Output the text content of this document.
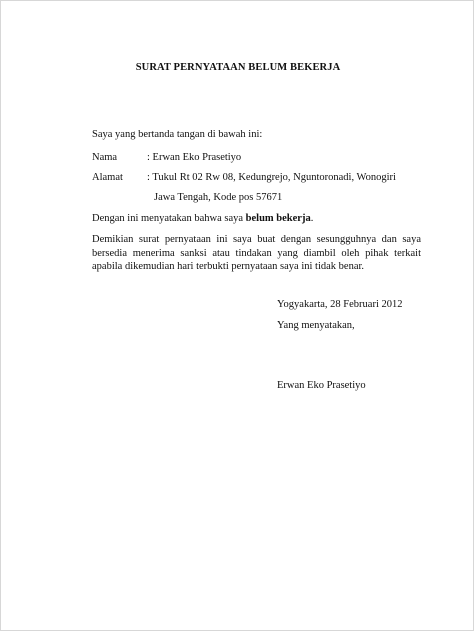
SURAT PERNYATAAN BELUM BEKERJA
Saya yang bertanda tangan di bawah ini:
Nama	: Erwan Eko Prasetiyo
Alamat : Tukul Rt 02 Rw 08, Kedungrejo, Nguntoronadi, Wonogiri
Jawa Tengah, Kode pos 57671
Dengan ini menyatakan bahwa saya belum bekerja.
Demikian surat pernyataan ini saya buat dengan sesungguhnya dan saya bersedia menerima sanksi atau tindakan yang diambil oleh pihak terkait apabila dikemudian hari terbukti pernyataan saya ini tidak benar.
Yogyakarta, 28 Februari 2012
Yang menyatakan,
Erwan Eko Prasetiyo
